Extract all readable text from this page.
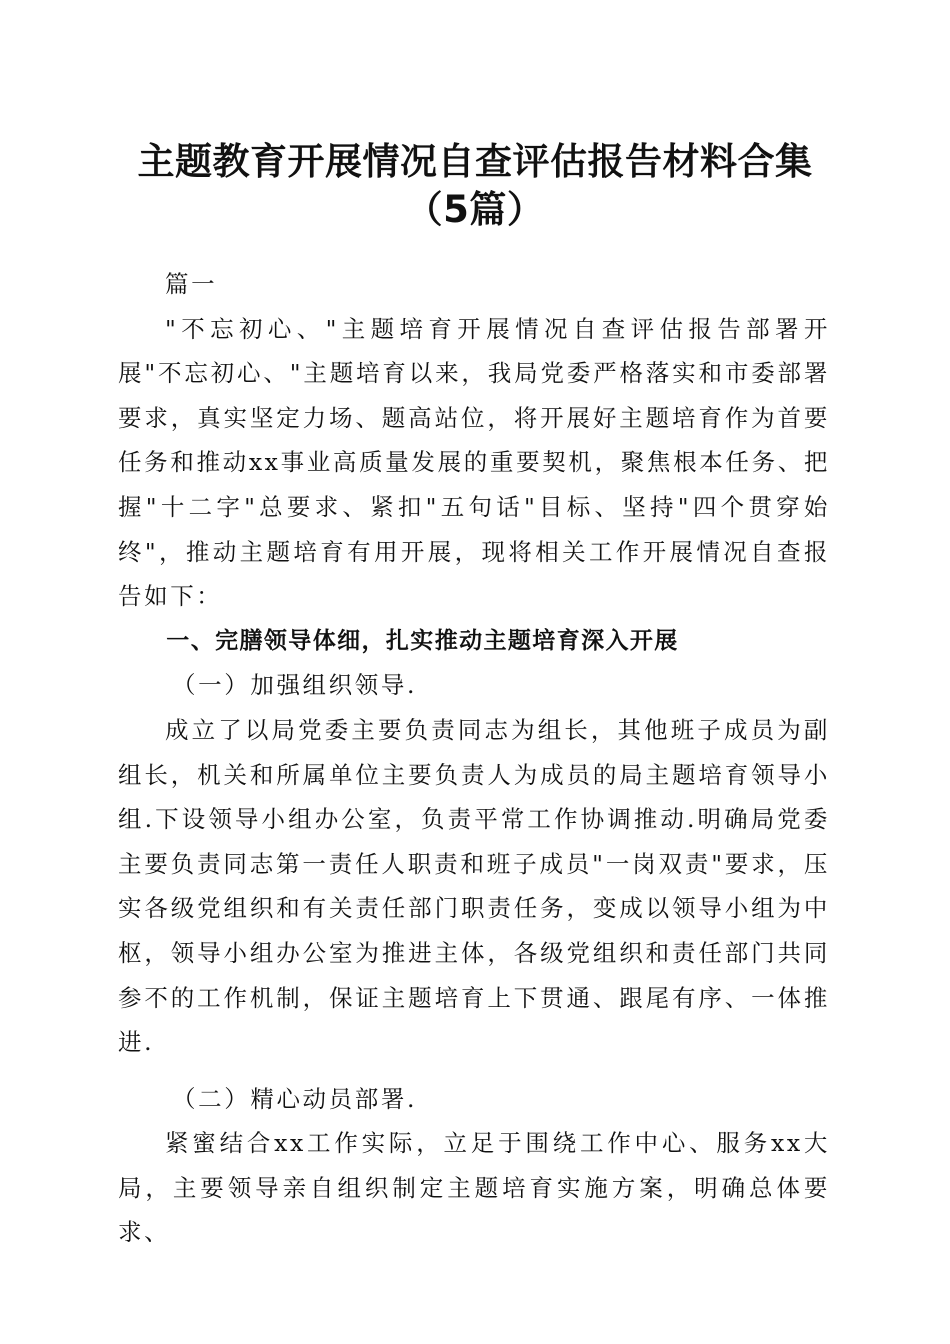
主题教育开展情况自查评估报告材料合集（5篇）

篇一

"不忘初心、"主题培育开展情况自查评估报告部署开展"不忘初心、"主题培育以来，我局党委严格落实和市委部署要求，真实坚定力场、题高站位，将开展好主题培育作为首要任务和推动xx事业高质量发展的重要契机，聚焦根本任务、把握"十二字"总要求、紧扣"五句话"目标、坚持"四个贯穿始终"，推动主题培育有用开展，现将相关工作开展情况自查报告如下：

一、完膳领导体细，扎实推动主题培育深入开展

（一）加强组织领导.

成立了以局党委主要负责同志为组长，其他班子成员为副组长，机关和所属单位主要负责人为成员的局主题培育领导小组.下设领导小组办公室，负责平常工作协调推动.明确局党委主要负责同志第一责任人职责和班子成员"一岗双责"要求，压实各级党组织和有关责任部门职责任务，变成以领导小组为中枢，领导小组办公室为推进主体，各级党组织和责任部门共同参不的工作机制，保证主题培育上下贯通、跟尾有序、一体推进.

（二）精心动员部署.

紧蜜结合xx工作实际，立足于围绕工作中心、服务xx大局，主要领导亲自组织制定主题培育实施方案，明确总体要求、
